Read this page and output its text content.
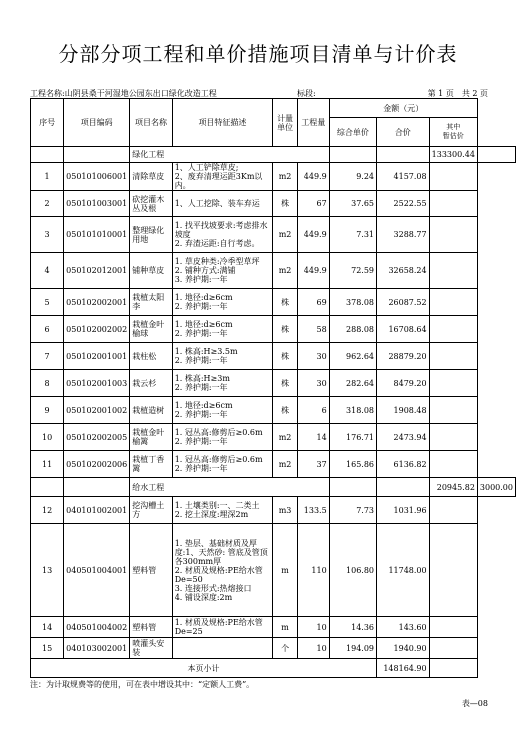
分部分项工程和单价措施项目清单与计价表
工程名称:山阴县桑干河湿地公园东出口绿化改造工程	标段:	第 1 页　共 2 页
序号	项目编码	项目名称	项目特征描述	计量单位	工程量	金额（元）			
						综合单价	合价	其中
暂估价	

		绿化工程						133300.44	
1	050101006001	清除草皮	1、人工铲除草皮;
2、废弃清理运距3Km以内。	m2	449.9	9.24	4157.08		
2	050101003001	砍挖灌木丛及根	1、人工挖除、装车弃运	株	67	37.65	2522.55		
3	050101010001	整理绿化用地	1. 找平找坡要求:考虑排水坡度
2. 弃渣运距:自行考虑。	m2	449.9	7.31	3288.77		
4	050102012001	铺种草皮	1. 草皮种类:冷季型草坪
2. 铺种方式:满铺
3. 养护期:一年	m2	449.9	72.59	32658.24		
5	050102002001	栽植太阳李	1. 地径:d≥6cm
2. 养护期:一年	株	69	378.08	26087.52		
6	050102002002	栽植金叶榆球	1. 地径:d≥6cm
2. 养护期:一年	株	58	288.08	16708.64		
7	050102001001	栽柱松	1. 株高:H≥3.5m
2. 养护期:一年	株	30	962.64	28879.20		
8	050102001003	栽云杉	1. 株高:H≥3m
2. 养护期:一年	株	30	282.64	8479.20		
9	050102001002	栽植造树	1. 地径:d≥6cm
2. 养护期:一年	株	6	318.08	1908.48		
10	050102002005	栽植金叶榆篱	1. 冠丛高:修剪后≥0.6m
2. 养护期:一年	m2	14	176.71	2473.94		
11	050102002006	栽植丁香篱	1. 冠丛高:修剪后≥0.6m
2. 养护期:一年	m2	37	165.86	6136.82		
		给水工程						20945.82	3000.00
12	040101002001	挖沟槽土方	1. 土壤类别:一、二类土
2. 挖土深度:埋深2m	m3	133.5	7.73	1031.96		
13	040501004001	塑料管	1. 垫层、基础材质及厚度:1、天然砂: 管底及管顶各300mm厚
2. 材质及规格:PE给水管De=50
3. 连接形式:热熔接口
4. 铺设深度:2m	m	110	106.80	11748.00		
14	040501004002	塑料管	1. 材质及规格:PE给水管De=25	m	10	14.36	143.60		
15	040103002001	喷灌头安装		个	10	194.09	1940.90		
本页小计							148164.90		
注：为计取规费等的使用，可在表中增设其中：“定额人工费”。
表—08
